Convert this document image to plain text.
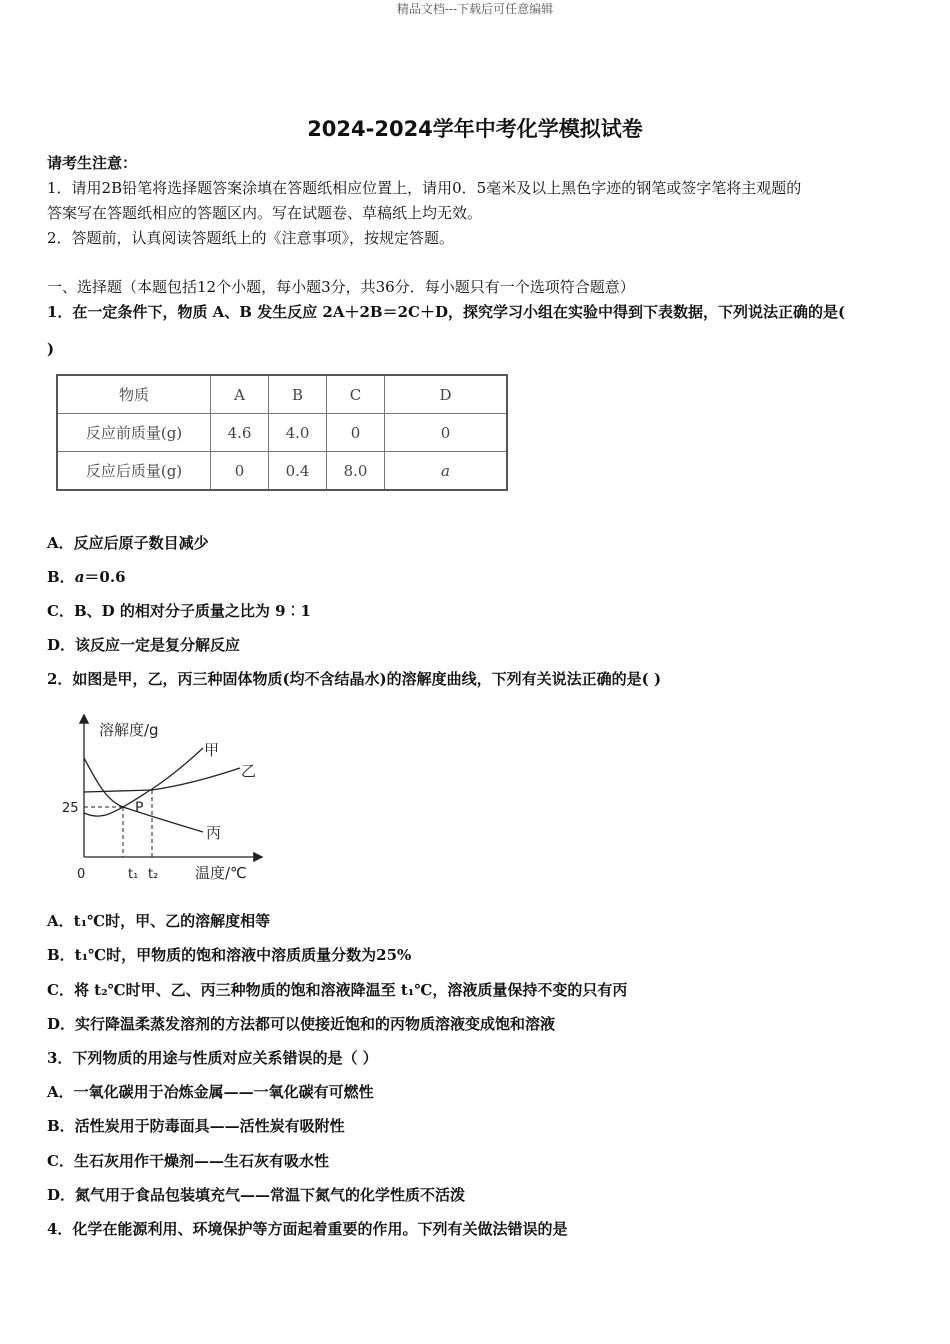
精品文档---下载后可任意编辑
2024-2024学年中考化学模拟试卷
请考生注意：
1．请用2B铅笔将选择题答案涂填在答题纸相应位置上，请用0．5毫米及以上黑色字迹的钢笔或签字笔将主观题的
答案写在答题纸相应的答题区内。写在试题卷、草稿纸上均无效。
2．答题前，认真阅读答题纸上的《注意事项》，按规定答题。
一、选择题（本题包括12个小题，每小题3分，共36分．每小题只有一个选项符合题意）
1．在一定条件下，物质 A、B 发生反应 2A＋2B＝2C＋D，探究学习小组在实验中得到下表数据，下列说法正确的是(
)
物质	A	B	C	D
反应前质量(g)	4.6	4.0	0	0
反应后质量(g)	0	0.4	8.0	a
A．反应后原子数目减少
B．a＝0.6
C．B、D 的相对分子质量之比为 9︰1
D．该反应一定是复分解反应
2．如图是甲，乙，丙三种固体物质(均不含结晶水)的溶解度曲线，下列有关说法正确的是( )
溶解度/g
温度/℃
0
25
t₁ t₂
P
甲
乙
丙
A．t₁℃时，甲、乙的溶解度相等
B．t₁℃时，甲物质的饱和溶液中溶质质量分数为25%
C．将 t₂℃时甲、乙、丙三种物质的饱和溶液降温至 t₁℃，溶液质量保持不变的只有丙
D．实行降温柔蒸发溶剂的方法都可以使接近饱和的丙物质溶液变成饱和溶液
3．下列物质的用途与性质对应关系错误的是（ ）
A．一氧化碳用于冶炼金属——一氧化碳有可燃性
B．活性炭用于防毒面具——活性炭有吸附性
C．生石灰用作干燥剂——生石灰有吸水性
D．氮气用于食品包装填充气——常温下氮气的化学性质不活泼
4．化学在能源利用、环境保护等方面起着重要的作用。下列有关做法错误的是
